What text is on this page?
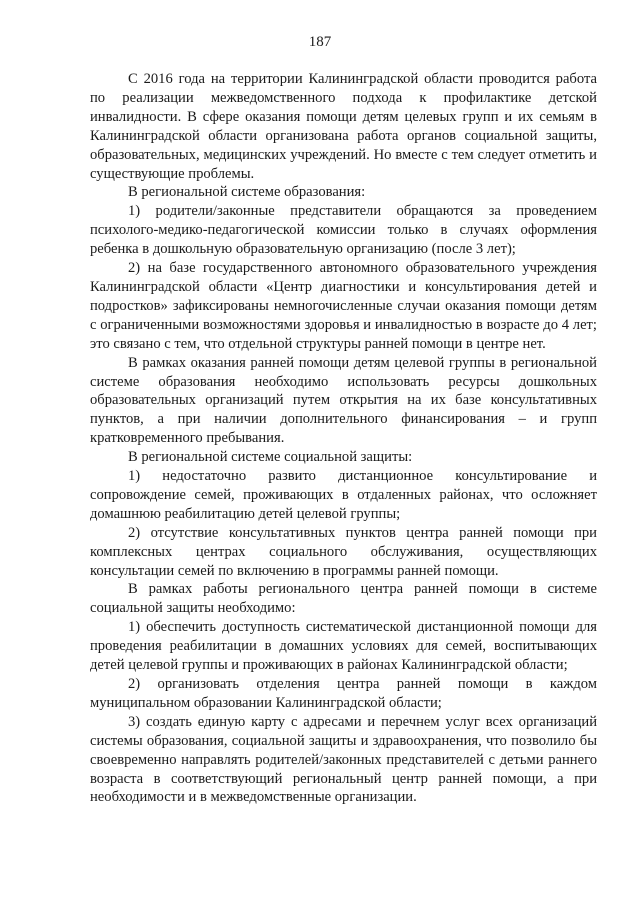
187

С 2016 года на территории Калининградской области проводится работа по реализации межведомственного подхода к профилактике детской инвалидности. В сфере оказания помощи детям целевых групп и их семьям в Калининградской области организована работа органов социальной защиты, образовательных, медицинских учреждений. Но вместе с тем следует отметить и существующие проблемы.

В региональной системе образования:

1) родители/законные представители обращаются за проведением психолого-медико-педагогической комиссии только в случаях оформления ребенка в дошкольную образовательную организацию (после 3 лет);

2) на базе государственного автономного образовательного учреждения Калининградской области «Центр диагностики и консультирования детей и подростков» зафиксированы немногочисленные случаи оказания помощи детям с ограниченными возможностями здоровья и инвалидностью в возрасте до 4 лет; это связано с тем, что отдельной структуры ранней помощи в центре нет.

В рамках оказания ранней помощи детям целевой группы в региональной системе образования необходимо использовать ресурсы дошкольных образовательных организаций путем открытия на их базе консультативных пунктов, а при наличии дополнительного финансирования – и групп кратковременного пребывания.

В региональной системе социальной защиты:

1) недостаточно развито дистанционное консультирование и сопровождение семей, проживающих в отдаленных районах, что осложняет домашнюю реабилитацию детей целевой группы;

2) отсутствие консультативных пунктов центра ранней помощи при комплексных центрах социального обслуживания, осуществляющих консультации семей по включению в программы ранней помощи.

В рамках работы регионального центра ранней помощи в системе социальной защиты необходимо:

1) обеспечить доступность систематической дистанционной помощи для проведения реабилитации в домашних условиях для семей, воспитывающих детей целевой группы и проживающих в районах Калининградской области;

2) организовать отделения центра ранней помощи в каждом муниципальном образовании Калининградской области;

3) создать единую карту с адресами и перечнем услуг всех организаций системы образования, социальной защиты и здравоохранения, что позволило бы своевременно направлять родителей/законных представителей с детьми раннего возраста в соответствующий региональный центр ранней помощи, а при необходимости и в межведомственные организации.
